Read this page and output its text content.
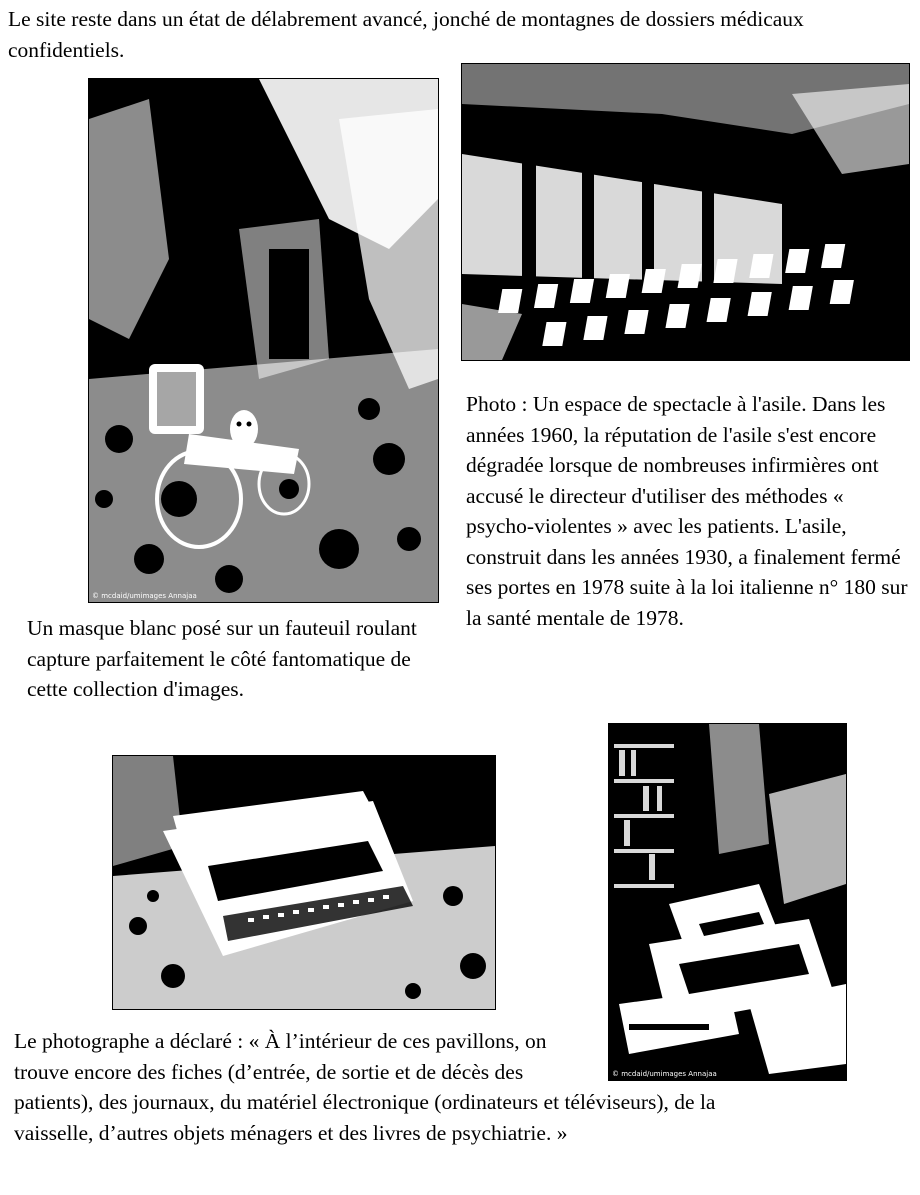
Le site reste dans un état de délabrement avancé, jonché de montagnes de dossiers médicaux confidentiels.

© mcdaid/umimages Annajaa

Un masque blanc posé sur un fauteuil roulant capture parfaitement le côté fantomatique de cette collection d'images.

Photo : Un espace de spectacle à l'asile. Dans les années 1960, la réputation de l'asile s'est encore dégradée lorsque de nombreuses infirmières ont accusé le directeur d'utiliser des méthodes « psycho-violentes » avec les patients. L'asile, construit dans les années 1930, a finalement fermé ses portes en 1978 suite à la loi italienne n° 180 sur la santé mentale de 1978.

© mcdaid/umimages Annajaa

Le photographe a déclaré : « À l’intérieur de ces pavillons, on trouve encore des fiches (d’entrée, de sortie et de décès des patients), des journaux, du matériel électronique (ordinateurs et téléviseurs), de la vaisselle, d’autres objets ménagers et des livres de psychiatrie. »
